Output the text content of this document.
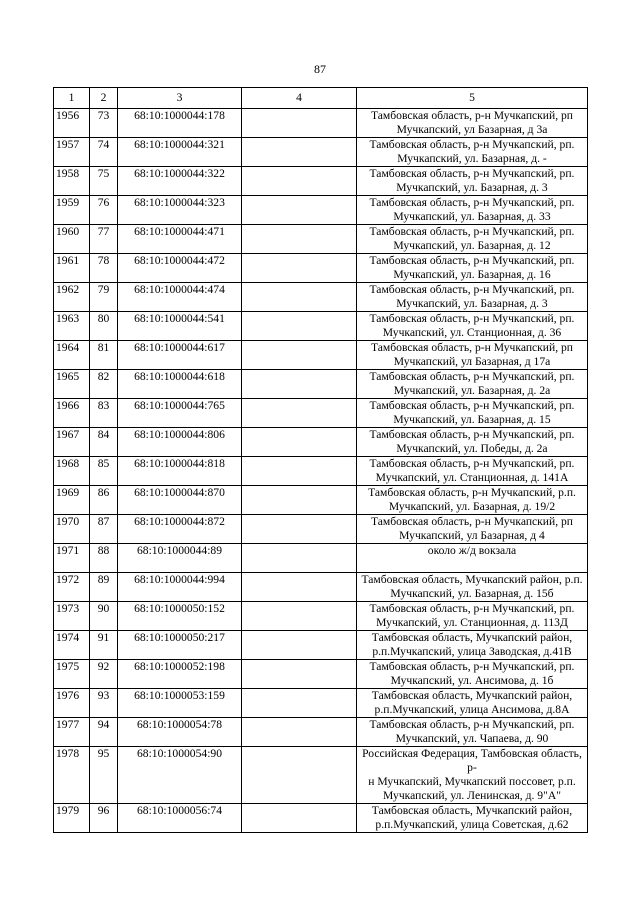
87
1	2	3	4	5
1956	73	68:10:1000044:178		Тамбовская область, р-н Мучкапский, рп
Мучкапский, ул Базарная, д 3а

1957	74	68:10:1000044:321		Тамбовская область, р-н Мучкапский, рп.
Мучкапский, ул. Базарная, д. -

1958	75	68:10:1000044:322		Тамбовская область, р-н Мучкапский, рп.
Мучкапский, ул. Базарная, д. 3

1959	76	68:10:1000044:323		Тамбовская область, р-н Мучкапский, рп.
Мучкапский, ул. Базарная, д. 33

1960	77	68:10:1000044:471		Тамбовская область, р-н Мучкапский, рп.
Мучкапский, ул. Базарная, д. 12

1961	78	68:10:1000044:472		Тамбовская область, р-н Мучкапский, рп.
Мучкапский, ул. Базарная, д. 16

1962	79	68:10:1000044:474		Тамбовская область, р-н Мучкапский, рп.
Мучкапский, ул. Базарная, д. 3

1963	80	68:10:1000044:541		Тамбовская область, р-н Мучкапский, рп.
Мучкапский, ул. Станционная, д. 36

1964	81	68:10:1000044:617		Тамбовская область, р-н Мучкапский, рп
Мучкапский, ул Базарная, д 17а

1965	82	68:10:1000044:618		Тамбовская область, р-н Мучкапский, рп.
Мучкапский, ул. Базарная, д. 2а

1966	83	68:10:1000044:765		Тамбовская область, р-н Мучкапский, рп.
Мучкапский, ул. Базарная, д. 15

1967	84	68:10:1000044:806		Тамбовская область, р-н Мучкапский, рп.
Мучкапский, ул. Победы, д. 2а

1968	85	68:10:1000044:818		Тамбовская область, р-н Мучкапский, рп.
Мучкапский, ул. Станционная, д. 141А

1969	86	68:10:1000044:870		Тамбовская область, р-н Мучкапский, р.п.
Мучкапский, ул. Базарная, д. 19/2

1970	87	68:10:1000044:872		Тамбовская область, р-н Мучкапский, рп
Мучкапский, ул Базарная, д 4

1971	88	68:10:1000044:89		около ж/д вокзала

1972	89	68:10:1000044:994		Тамбовская область, Мучкапский район, р.п.
Мучкапский, ул. Базарная, д. 15б

1973	90	68:10:1000050:152		Тамбовская область, р-н Мучкапский, рп.
Мучкапский, ул. Станционная, д. 113Д

1974	91	68:10:1000050:217		Тамбовская область, Мучкапский район,
р.п.Мучкапский, улица Заводская, д.41В

1975	92	68:10:1000052:198		Тамбовская область, р-н Мучкапский, рп.
Мучкапский, ул. Ансимова, д. 1б

1976	93	68:10:1000053:159		Тамбовская область, Мучкапский район,
р.п.Мучкапский, улица Ансимова, д.8А

1977	94	68:10:1000054:78		Тамбовская область, р-н Мучкапский, рп.
Мучкапский, ул. Чапаева, д. 90

1978	95	68:10:1000054:90		Российская Федерация, Тамбовская область, р-
н Мучкапский, Мучкапский поссовет, р.п.
Мучкапский, ул. Ленинская, д. 9"А"

1979	96	68:10:1000056:74		Тамбовская область, Мучкапский район,
р.п.Мучкапский, улица Советская, д.62
